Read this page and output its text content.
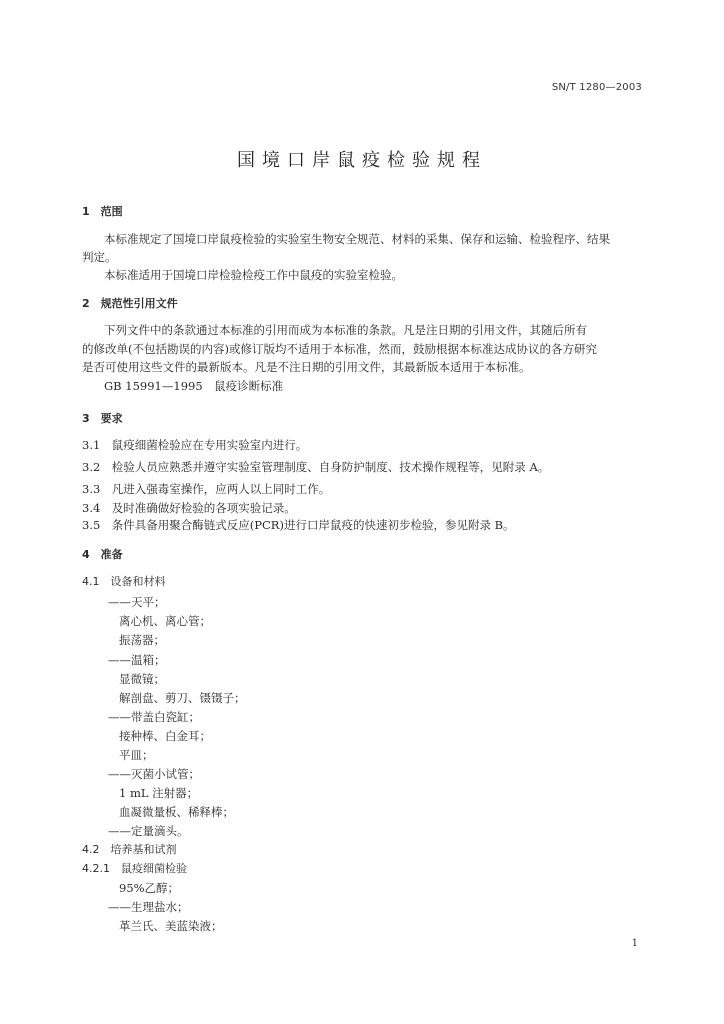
SN/T 1280—2003
国境口岸鼠疫检验规程
1　范围
本标准规定了国境口岸鼠疫检验的实验室生物安全规范、材料的采集、保存和运输、检验程序、结果
判定。
本标准适用于国境口岸检验检疫工作中鼠疫的实验室检验。
2　规范性引用文件
下列文件中的条款通过本标准的引用而成为本标准的条款。凡是注日期的引用文件，其随后所有
的修改单(不包括勘误的内容)或修订版均不适用于本标准，然而，鼓励根据本标准达成协议的各方研究
是否可使用这些文件的最新版本。凡是不注日期的引用文件，其最新版本适用于本标准。
GB 15991—1995　鼠疫诊断标准
3　要求
3.1　鼠疫细菌检验应在专用实验室内进行。
3.2　检验人员应熟悉并遵守实验室管理制度、自身防护制度、技术操作规程等，见附录 A。
3.3　凡进入强毒室操作，应两人以上同时工作。
3.4　及时准确做好检验的各项实验记录。
3.5　条件具备用聚合酶链式反应(PCR)进行口岸鼠疫的快速初步检验，参见附录 B。
4　准备
4.1　设备和材料
——天平；
离心机、离心管；
振荡器；
——温箱；
显微镜；
解剖盘、剪刀、镊镊子；
——带盖白瓷缸；
接种棒、白金耳；
平皿；
——灭菌小试管；
1 mL 注射器；
血凝微量板、稀释棒；
——定量滴头。
4.2　培养基和试剂
4.2.1　鼠疫细菌检验
95%乙醇；
——生理盐水；
革兰氏、美蓝染液；
1
